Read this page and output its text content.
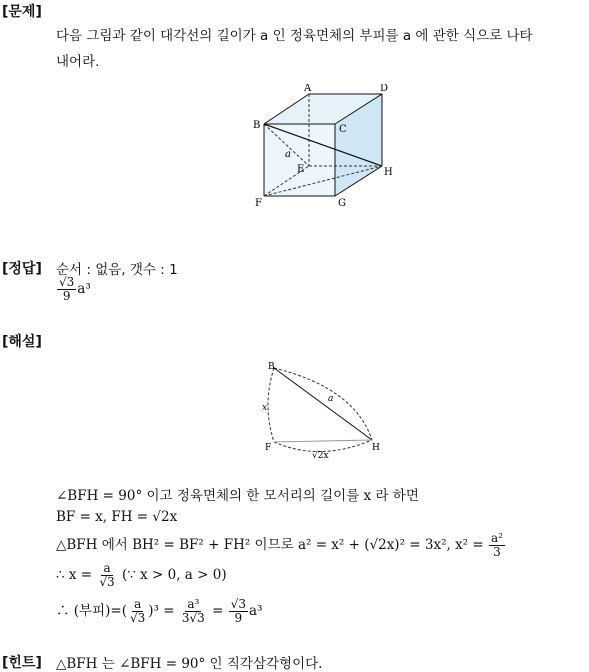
[문제]
다음 그림과 같이 대각선의 길이가 a 인 정육면체의 부피를 a 에 관한 식으로 나타
내어라.
A	D
B	C
E	H
F	G
a
[정답] 순서 : 없음, 갯수 : 1
$\frac{√3}{9} a^3$
[해설]
B
F	H
x
a
√2x
∠BFH = 90° 이고 정육면체의 한 모서리의 길이를 x 라 하면
BF = x, FH = √2x
△BFH 에서 BH² = BF² + FH² 이므로 a² = x² + (√2x)² = 3x², $x^2 = \frac{\text{a²}}{3}$
∴ $x = \frac{a}{√3}$ (∵ x > 0, a > 0)
∴ (부피)=( $\frac{a}{√3} )^3 = \frac{\text{a³}}{3√3} = \frac{√3}{9} a^3$
[힌트] △BFH 는 ∠BFH = 90° 인 직각삼각형이다.
